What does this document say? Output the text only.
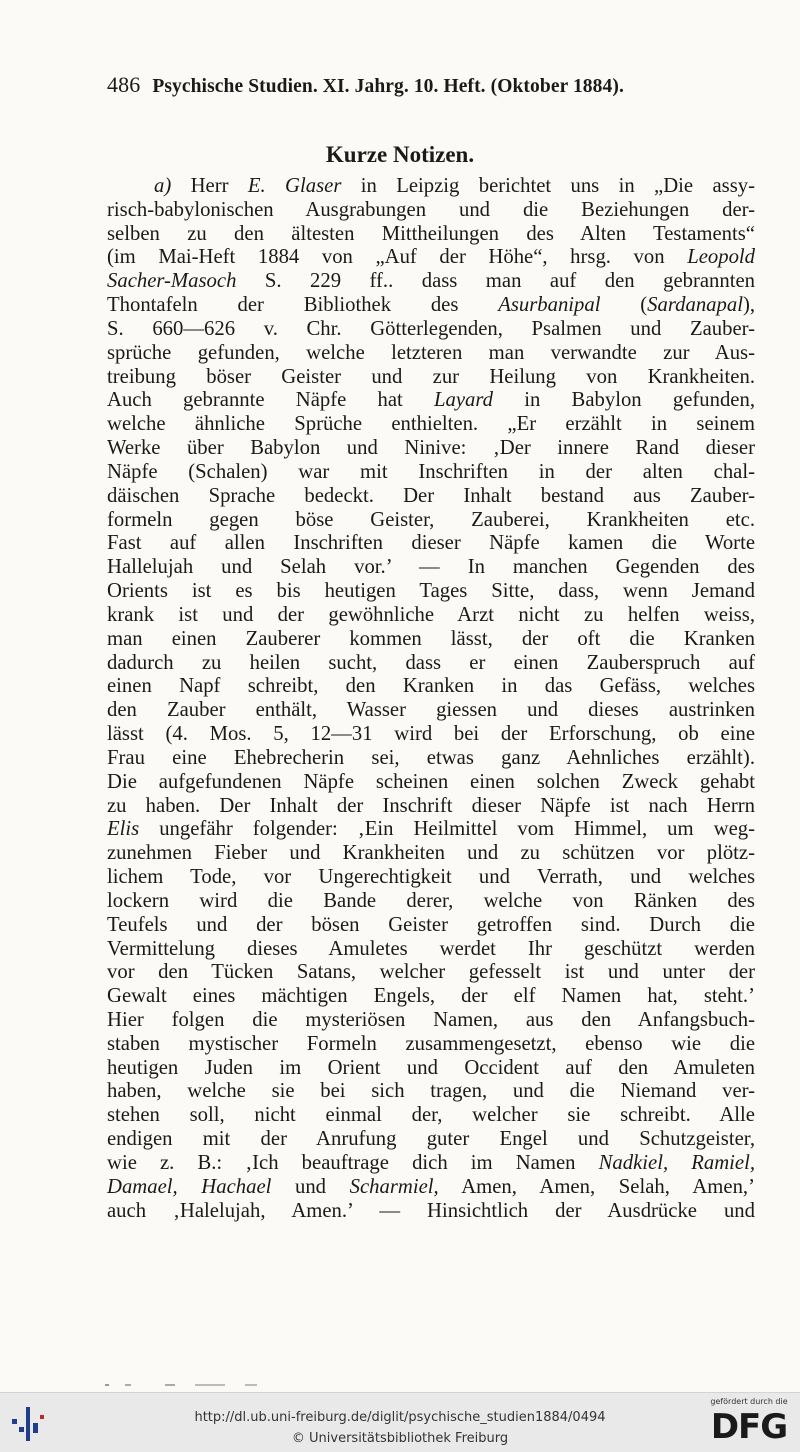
486 Psychische Studien. XI. Jahrg. 10. Heft. (Oktober 1884).
Kurze Notizen.
a) Herr E. Glaser in Leipzig berichtet uns in „Die assy-
risch-babylonischen Ausgrabungen und die Beziehungen der-
selben zu den ältesten Mittheilungen des Alten Testaments“
(im Mai-Heft 1884 von „Auf der Höhe“, hrsg. von Leopold
Sacher-Masoch S. 229 ff.. dass man auf den gebrannten
Thontafeln der Bibliothek des Asurbanipal (Sardanapal),
S. 660—626 v. Chr. Götterlegenden, Psalmen und Zauber-
sprüche gefunden, welche letzteren man verwandte zur Aus-
treibung böser Geister und zur Heilung von Krankheiten.
Auch gebrannte Näpfe hat Layard in Babylon gefunden,
welche ähnliche Sprüche enthielten. „Er erzählt in seinem
Werke über Babylon und Ninive: ‚Der innere Rand dieser
Näpfe (Schalen) war mit Inschriften in der alten chal-
däischen Sprache bedeckt. Der Inhalt bestand aus Zauber-
formeln gegen böse Geister, Zauberei, Krankheiten etc.
Fast auf allen Inschriften dieser Näpfe kamen die Worte
Hallelujah und Selah vor.’ — In manchen Gegenden des
Orients ist es bis heutigen Tages Sitte, dass, wenn Jemand
krank ist und der gewöhnliche Arzt nicht zu helfen weiss,
man einen Zauberer kommen lässt, der oft die Kranken
dadurch zu heilen sucht, dass er einen Zauberspruch auf
einen Napf schreibt, den Kranken in das Gefäss, welches
den Zauber enthält, Wasser giessen und dieses austrinken
lässt (4. Mos. 5, 12—31 wird bei der Erforschung, ob eine
Frau eine Ehebrecherin sei, etwas ganz Aehnliches erzählt).
Die aufgefundenen Näpfe scheinen einen solchen Zweck gehabt
zu haben. Der Inhalt der Inschrift dieser Näpfe ist nach Herrn
Elis ungefähr folgender: ‚Ein Heilmittel vom Himmel, um weg-
zunehmen Fieber und Krankheiten und zu schützen vor plötz-
lichem Tode, vor Ungerechtigkeit und Verrath, und welches
lockern wird die Bande derer, welche von Ränken des
Teufels und der bösen Geister getroffen sind. Durch die
Vermittelung dieses Amuletes werdet Ihr geschützt werden
vor den Tücken Satans, welcher gefesselt ist und unter der
Gewalt eines mächtigen Engels, der elf Namen hat, steht.’
Hier folgen die mysteriösen Namen, aus den Anfangsbuch-
staben mystischer Formeln zusammengesetzt, ebenso wie die
heutigen Juden im Orient und Occident auf den Amuleten
haben, welche sie bei sich tragen, und die Niemand ver-
stehen soll, nicht einmal der, welcher sie schreibt. Alle
endigen mit der Anrufung guter Engel und Schutzgeister,
wie z. B.: ‚Ich beauftrage dich im Namen Nadkiel, Ramiel,
Damael, Hachael und Scharmiel, Amen, Amen, Selah, Amen,’
auch ‚Halelujah, Amen.’ — Hinsichtlich der Ausdrücke und
http://dl.ub.uni-freiburg.de/diglit/psychische_studien1884/0494
© Universitätsbibliothek Freiburg
gefördert durch die
DFG
